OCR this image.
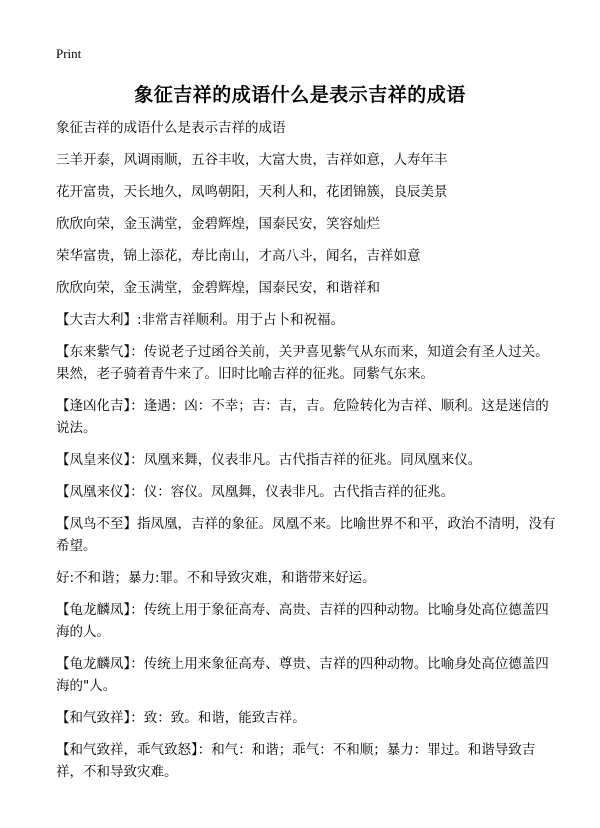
Print
象征吉祥的成语什么是表示吉祥的成语

象征吉祥的成语什么是表示吉祥的成语

三羊开泰，风调雨顺，五谷丰收，大富大贵，吉祥如意，人寿年丰

花开富贵，天长地久，凤鸣朝阳，天利人和，花团锦簇，良辰美景

欣欣向荣，金玉满堂，金碧辉煌，国泰民安，笑容灿烂

荣华富贵，锦上添花，寿比南山，才高八斗，闻名，吉祥如意

欣欣向荣，金玉满堂，金碧辉煌，国泰民安，和谐祥和

【大吉大利】:非常吉祥顺利。用于占卜和祝福。

【东来紫气】：传说老子过函谷关前，关尹喜见紫气从东而来，知道会有圣人过关。果然，老子骑着青牛来了。旧时比喻吉祥的征兆。同紫气东来。

【逢凶化吉】：逢遇：凶：不幸；吉：吉，吉。危险转化为吉祥、顺利。这是迷信的说法。

【凤皇来仪】：凤凰来舞，仪表非凡。古代指吉祥的征兆。同凤凰来仪。

【凤凰来仪】：仪：容仪。凤凰舞，仪表非凡。古代指吉祥的征兆。

【凤鸟不至】指凤凰，吉祥的象征。凤凰不来。比喻世界不和平，政治不清明，没有希望。

好:不和谐；暴力:罪。不和导致灾难，和谐带来好运。

【龟龙麟凤】：传统上用于象征高寿、高贵、吉祥的四种动物。比喻身处高位德盖四海的人。

【龟龙麟凤】：传统上用来象征高寿、尊贵、吉祥的四种动物。比喻身处高位德盖四海的"人。

【和气致祥】：致：致。和谐，能致吉祥。

【和气致祥，乖气致怒】：和气：和谐；乖气：不和顺；暴力：罪过。和谐导致吉祥，不和导致灾难。
